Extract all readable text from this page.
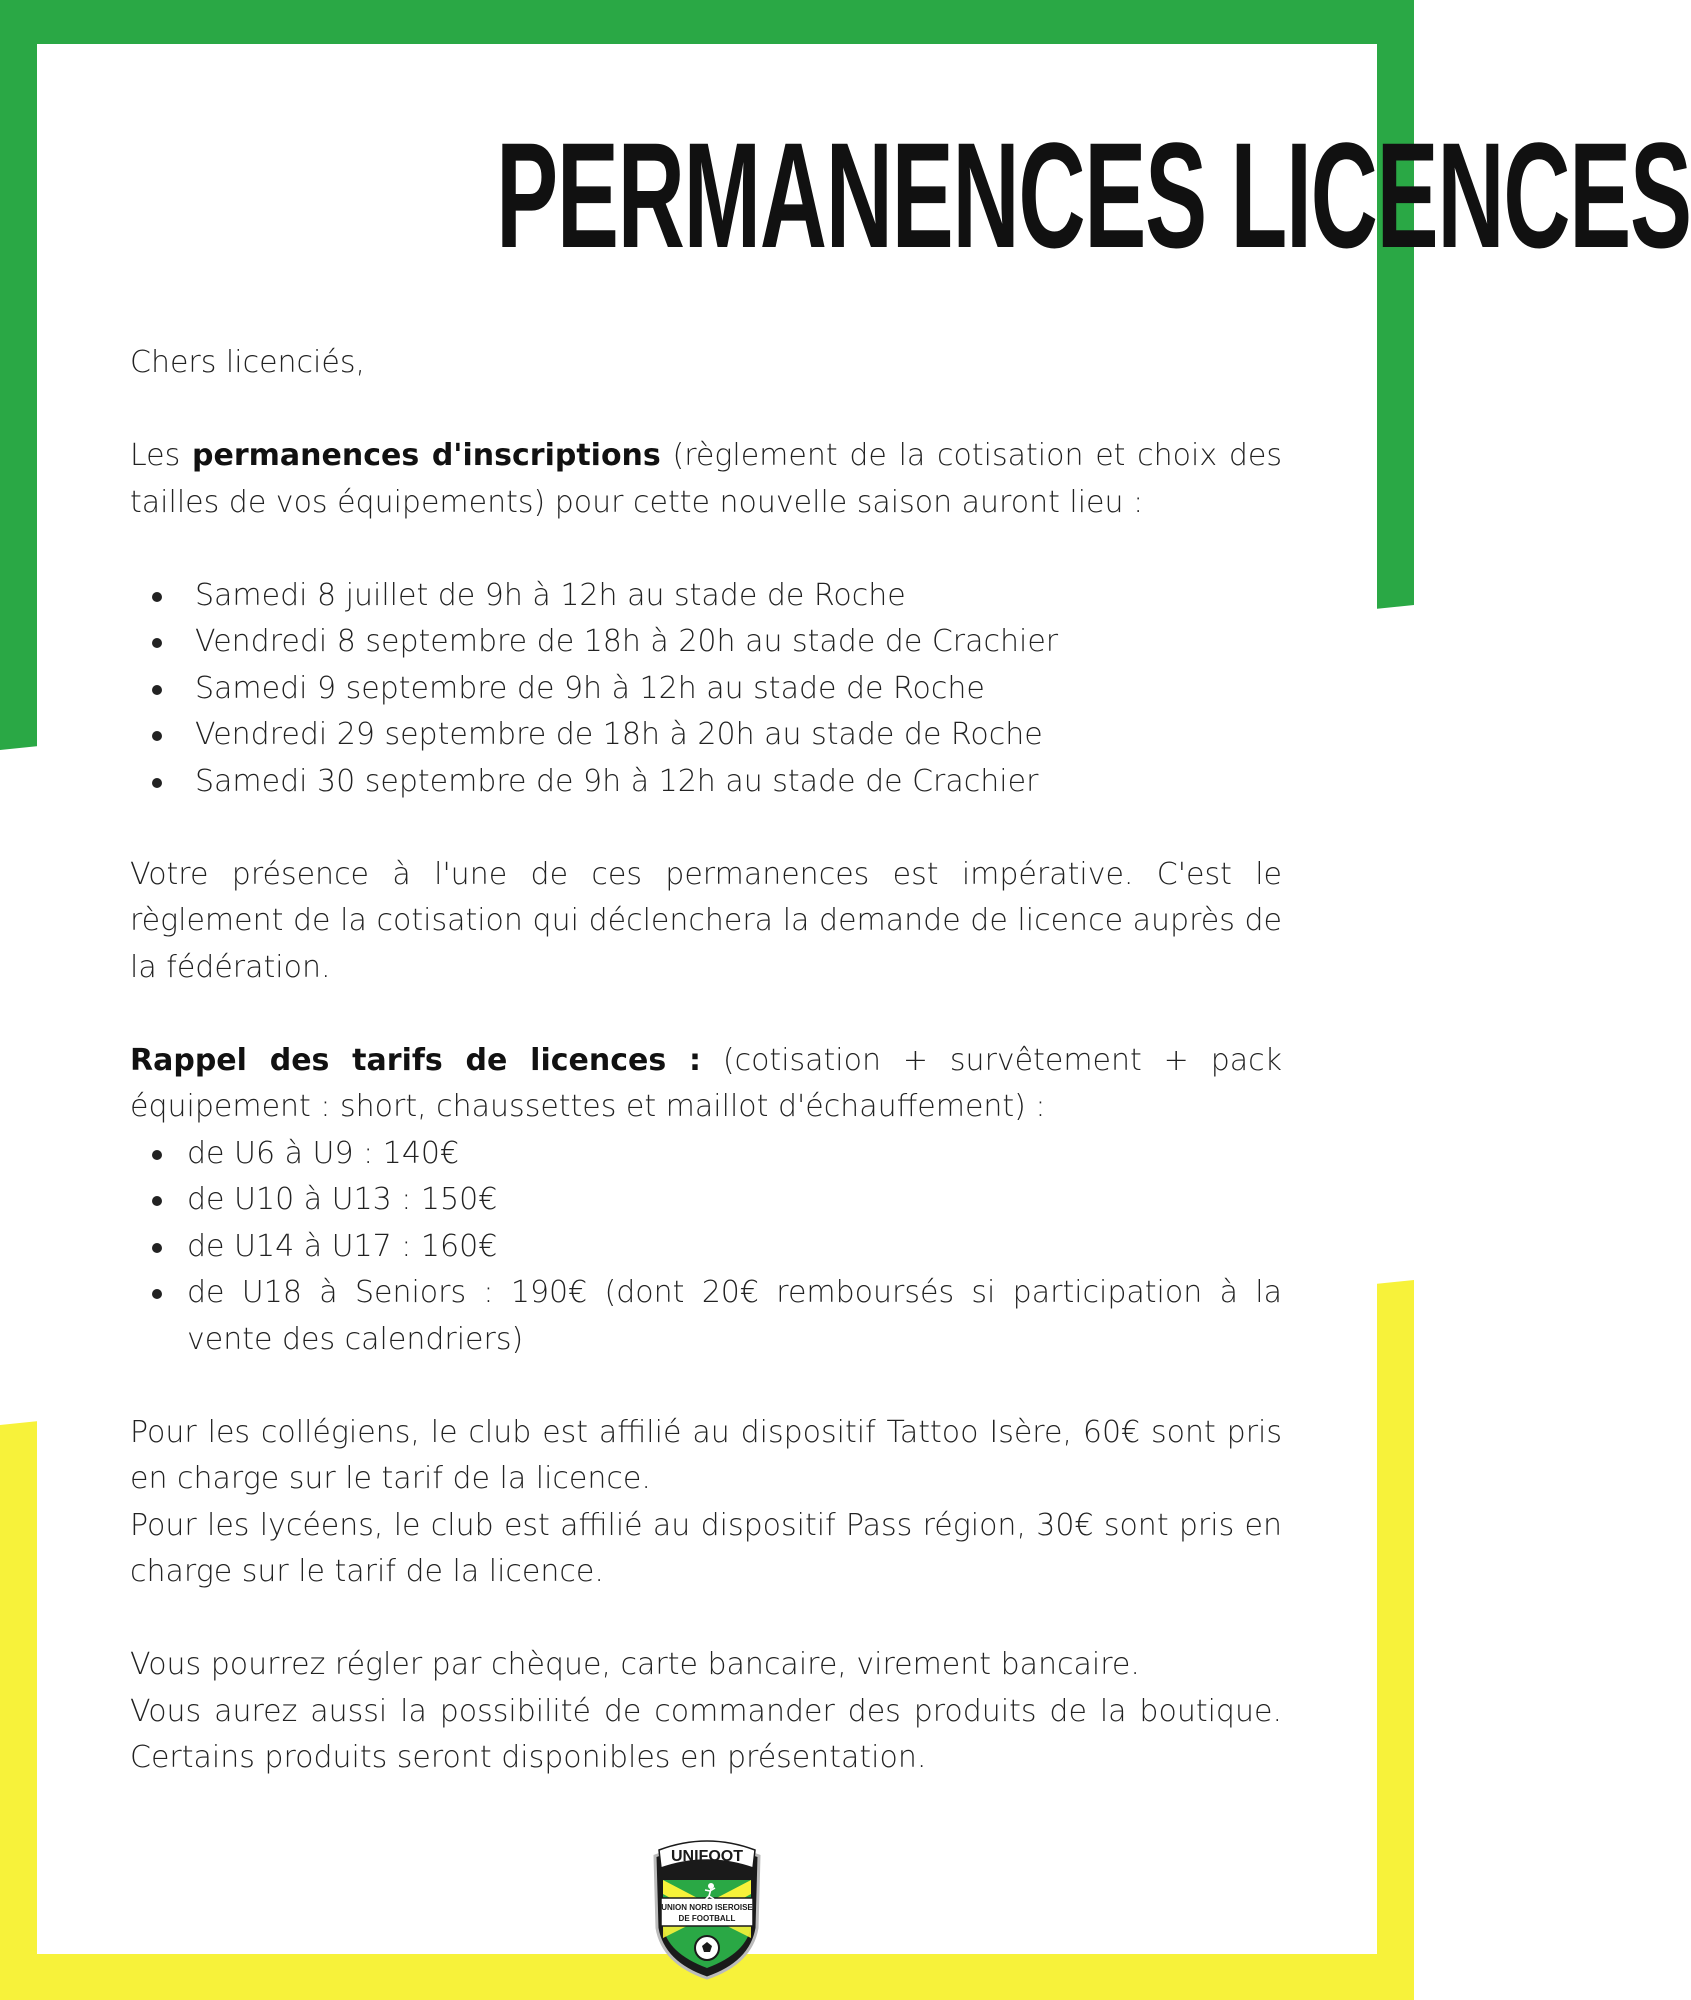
PERMANENCES LICENCES

Chers licenciés,

Les permanences d'inscriptions (règlement de la cotisation et choix des tailles de vos équipements) pour cette nouvelle saison auront lieu :

Samedi 8 juillet de 9h à 12h au stade de Roche
Vendredi 8 septembre de 18h à 20h au stade de Crachier
Samedi 9 septembre de 9h à 12h au stade de Roche
Vendredi 29 septembre de 18h à 20h au stade de Roche
Samedi 30 septembre de 9h à 12h au stade de Crachier

Votre présence à l'une de ces permanences est impérative. C'est le règlement de la cotisation qui déclenchera la demande de licence auprès de la fédération.

Rappel des tarifs de licences : (cotisation + survêtement + pack équipement : short, chaussettes et maillot d'échauffement) :

de U6 à U9 : 140€
de U10 à U13 : 150€
de U14 à U17 : 160€
de U18 à Seniors : 190€ (dont 20€ remboursés si participation à la vente des calendriers)

Pour les collégiens, le club est affilié au dispositif Tattoo Isère, 60€ sont pris en charge sur le tarif de la licence.

Pour les lycéens, le club est affilié au dispositif Pass région, 30€ sont pris en charge sur le tarif de la licence.

Vous pourrez régler par chèque, carte bancaire, virement bancaire.

Vous aurez aussi la possibilité de commander des produits de la boutique. Certains produits seront disponibles en présentation.

UNIFOOT
UNION NORD ISEROISE
DE FOOTBALL
